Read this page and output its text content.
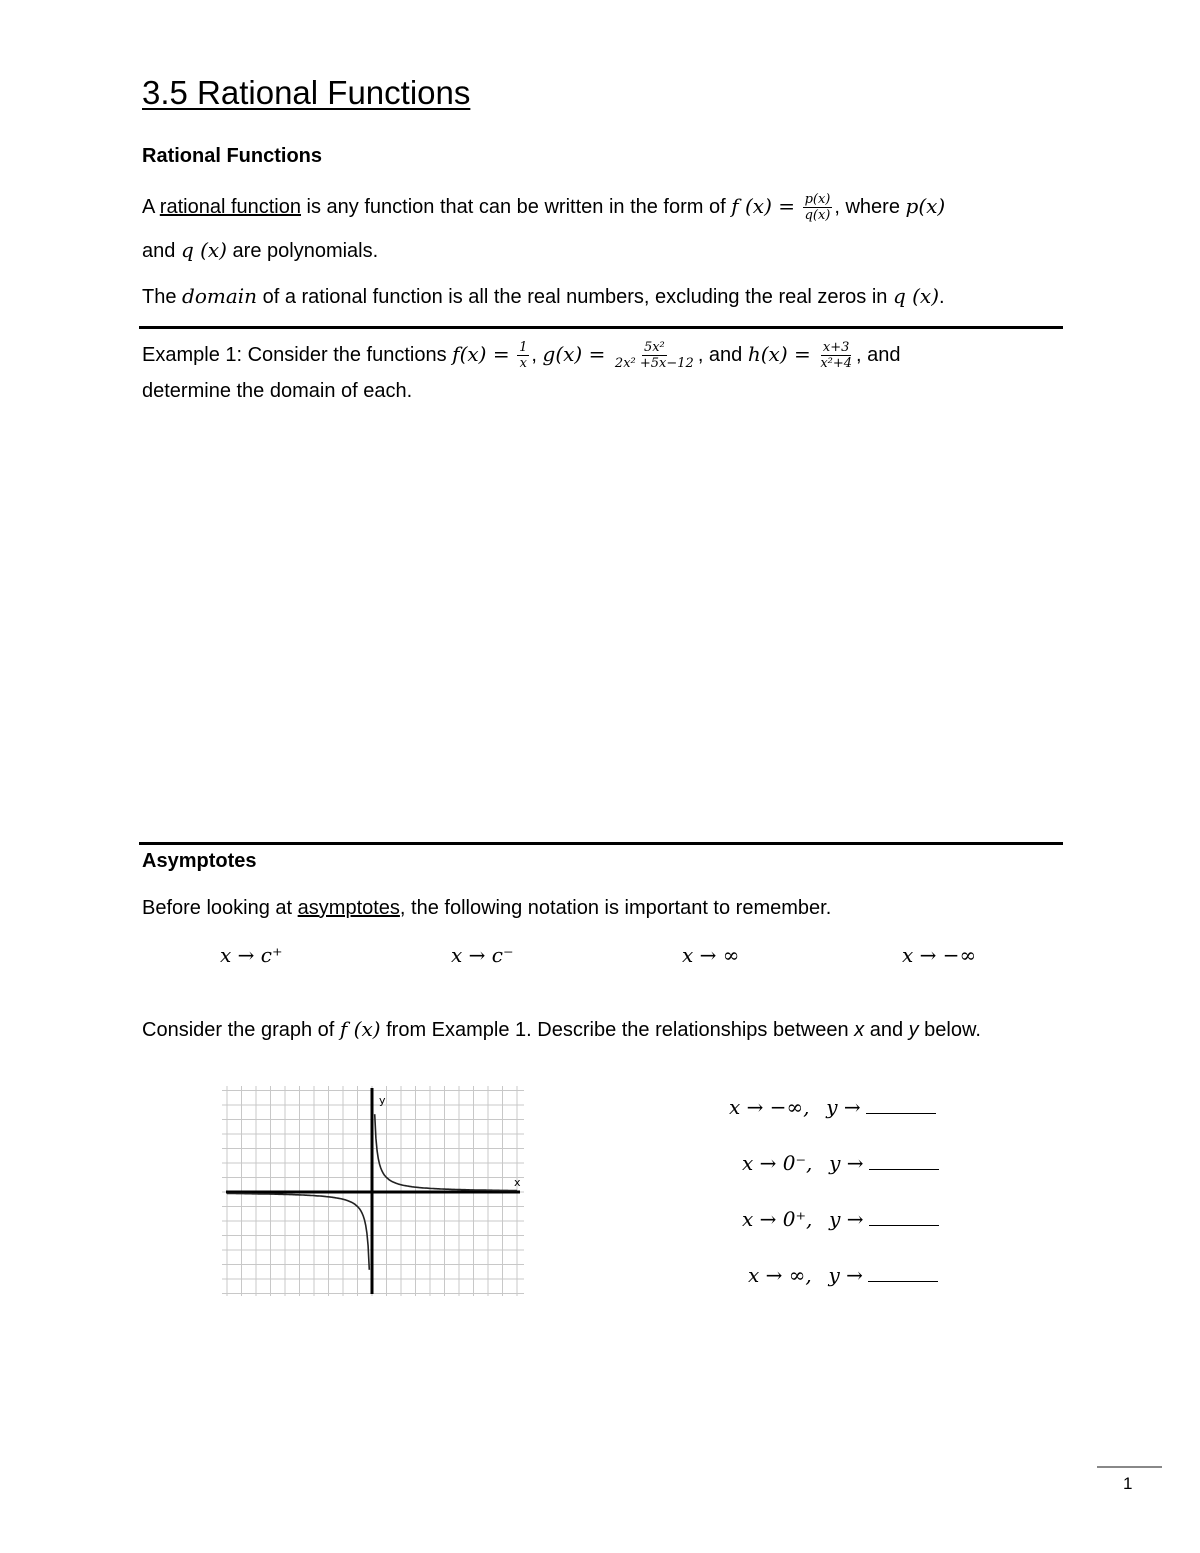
3.5 Rational Functions
Rational Functions
A rational function is any function that can be written in the form of f $(x) = \frac{p(x)}{q(x)}$ , where p(x)
and q (x) are polynomials.
The domain of a rational function is all the real numbers, excluding the real zeros in q (x).
Example 1: Consider the functions $f(x) = \frac{1}{x}$ , $g(x) = \frac{\text{5x²}}{\text{2x² +5x−12}}$ , and $h(x) = \frac{x+3}{\text{x²+4}}$ , and
determine the domain of each.
Asymptotes
Before looking at asymptotes, the following notation is important to remember.
x → c⁺	x → c⁻	x → ∞	x → −∞
Consider the graph of f (x) from Example 1. Describe the relationships between x and y below.
x
y	x → −∞, y →
x → 0⁻, y →
x → 0⁺, y →
x → ∞, y →
1
